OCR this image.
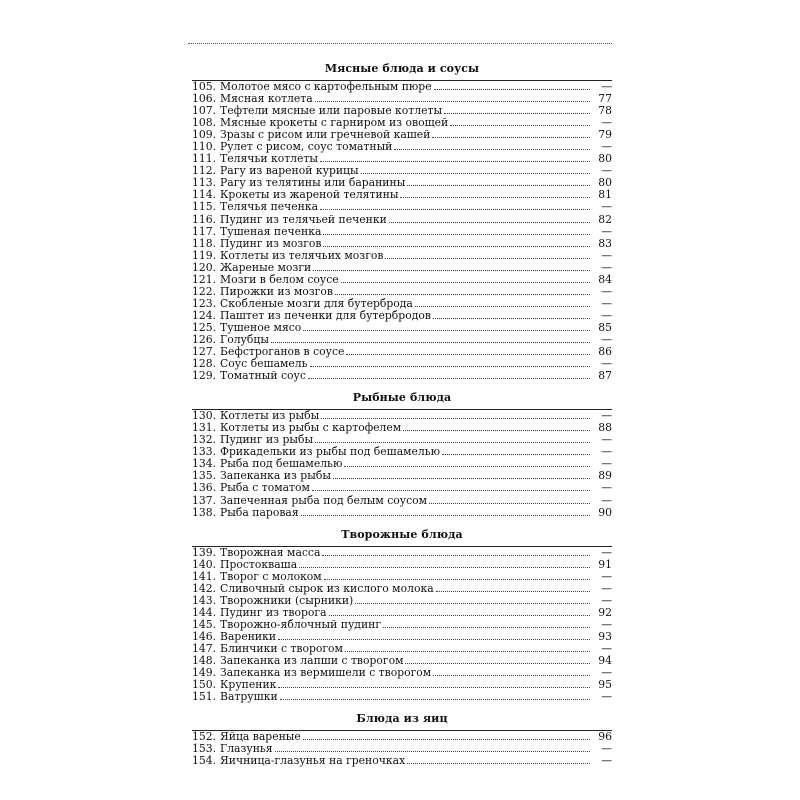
Мясные блюда и соусы
105. Молотое мясо с картофельным пюре	—
106. Мясная котлета	77
107. Тефтели мясные или паровые котлеты	78
108. Мясные крокеты с гарниром из овощей	—
109. Зразы с рисом или гречневой кашей	79
110. Рулет с рисом, соус томатный	—
111. Телячьи котлеты	80
112. Рагу из вареной курицы	—
113. Рагу из телятины или баранины	80
114. Крокеты из жареной телятины	81
115. Телячья печенка	—
116. Пудинг из телячьей печенки	82
117. Тушеная печенка	—
118. Пудинг из мозгов	83
119. Котлеты из телячьих мозгов	—
120. Жареные мозги	—
121. Мозги в белом соусе	84
122. Пирожки из мозгов	—
123. Скобленые мозги для бутерброда	—
124. Паштет из печенки для бутербродов	—
125. Тушеное мясо	85
126. Голубцы	—
127. Бефстроганов в соусе	86
128. Соус бешамель	—
129. Томатный соус	87
Рыбные блюда
130. Котлеты из рыбы	—
131. Котлеты из рыбы с картофелем	88
132. Пудинг из рыбы	—
133. Фрикадельки из рыбы под бешамелью	—
134. Рыба под бешамелью	—
135. Запеканка из рыбы	89
136. Рыба с томатом	—
137. Запеченная рыба под белым соусом	—
138. Рыба паровая	90
Творожные блюда
139. Творожная масса	—
140. Простокваша	91
141. Творог с молоком	—
142. Сливочный сырок из кислого молока	—
143. Творожники (сырники)	—
144. Пудинг из творога	92
145. Творожно-яблочный пудинг	—
146. Вареники	93
147. Блинчики с творогом	—
148. Запеканка из лапши с творогом	94
149. Запеканка из вермишели с творогом	—
150. Крупеник	95
151. Ватрушки	—
Блюда из яиц
152. Яйца вареные	96
153. Глазунья	—
154. Яичница-глазунья на греночках	—
